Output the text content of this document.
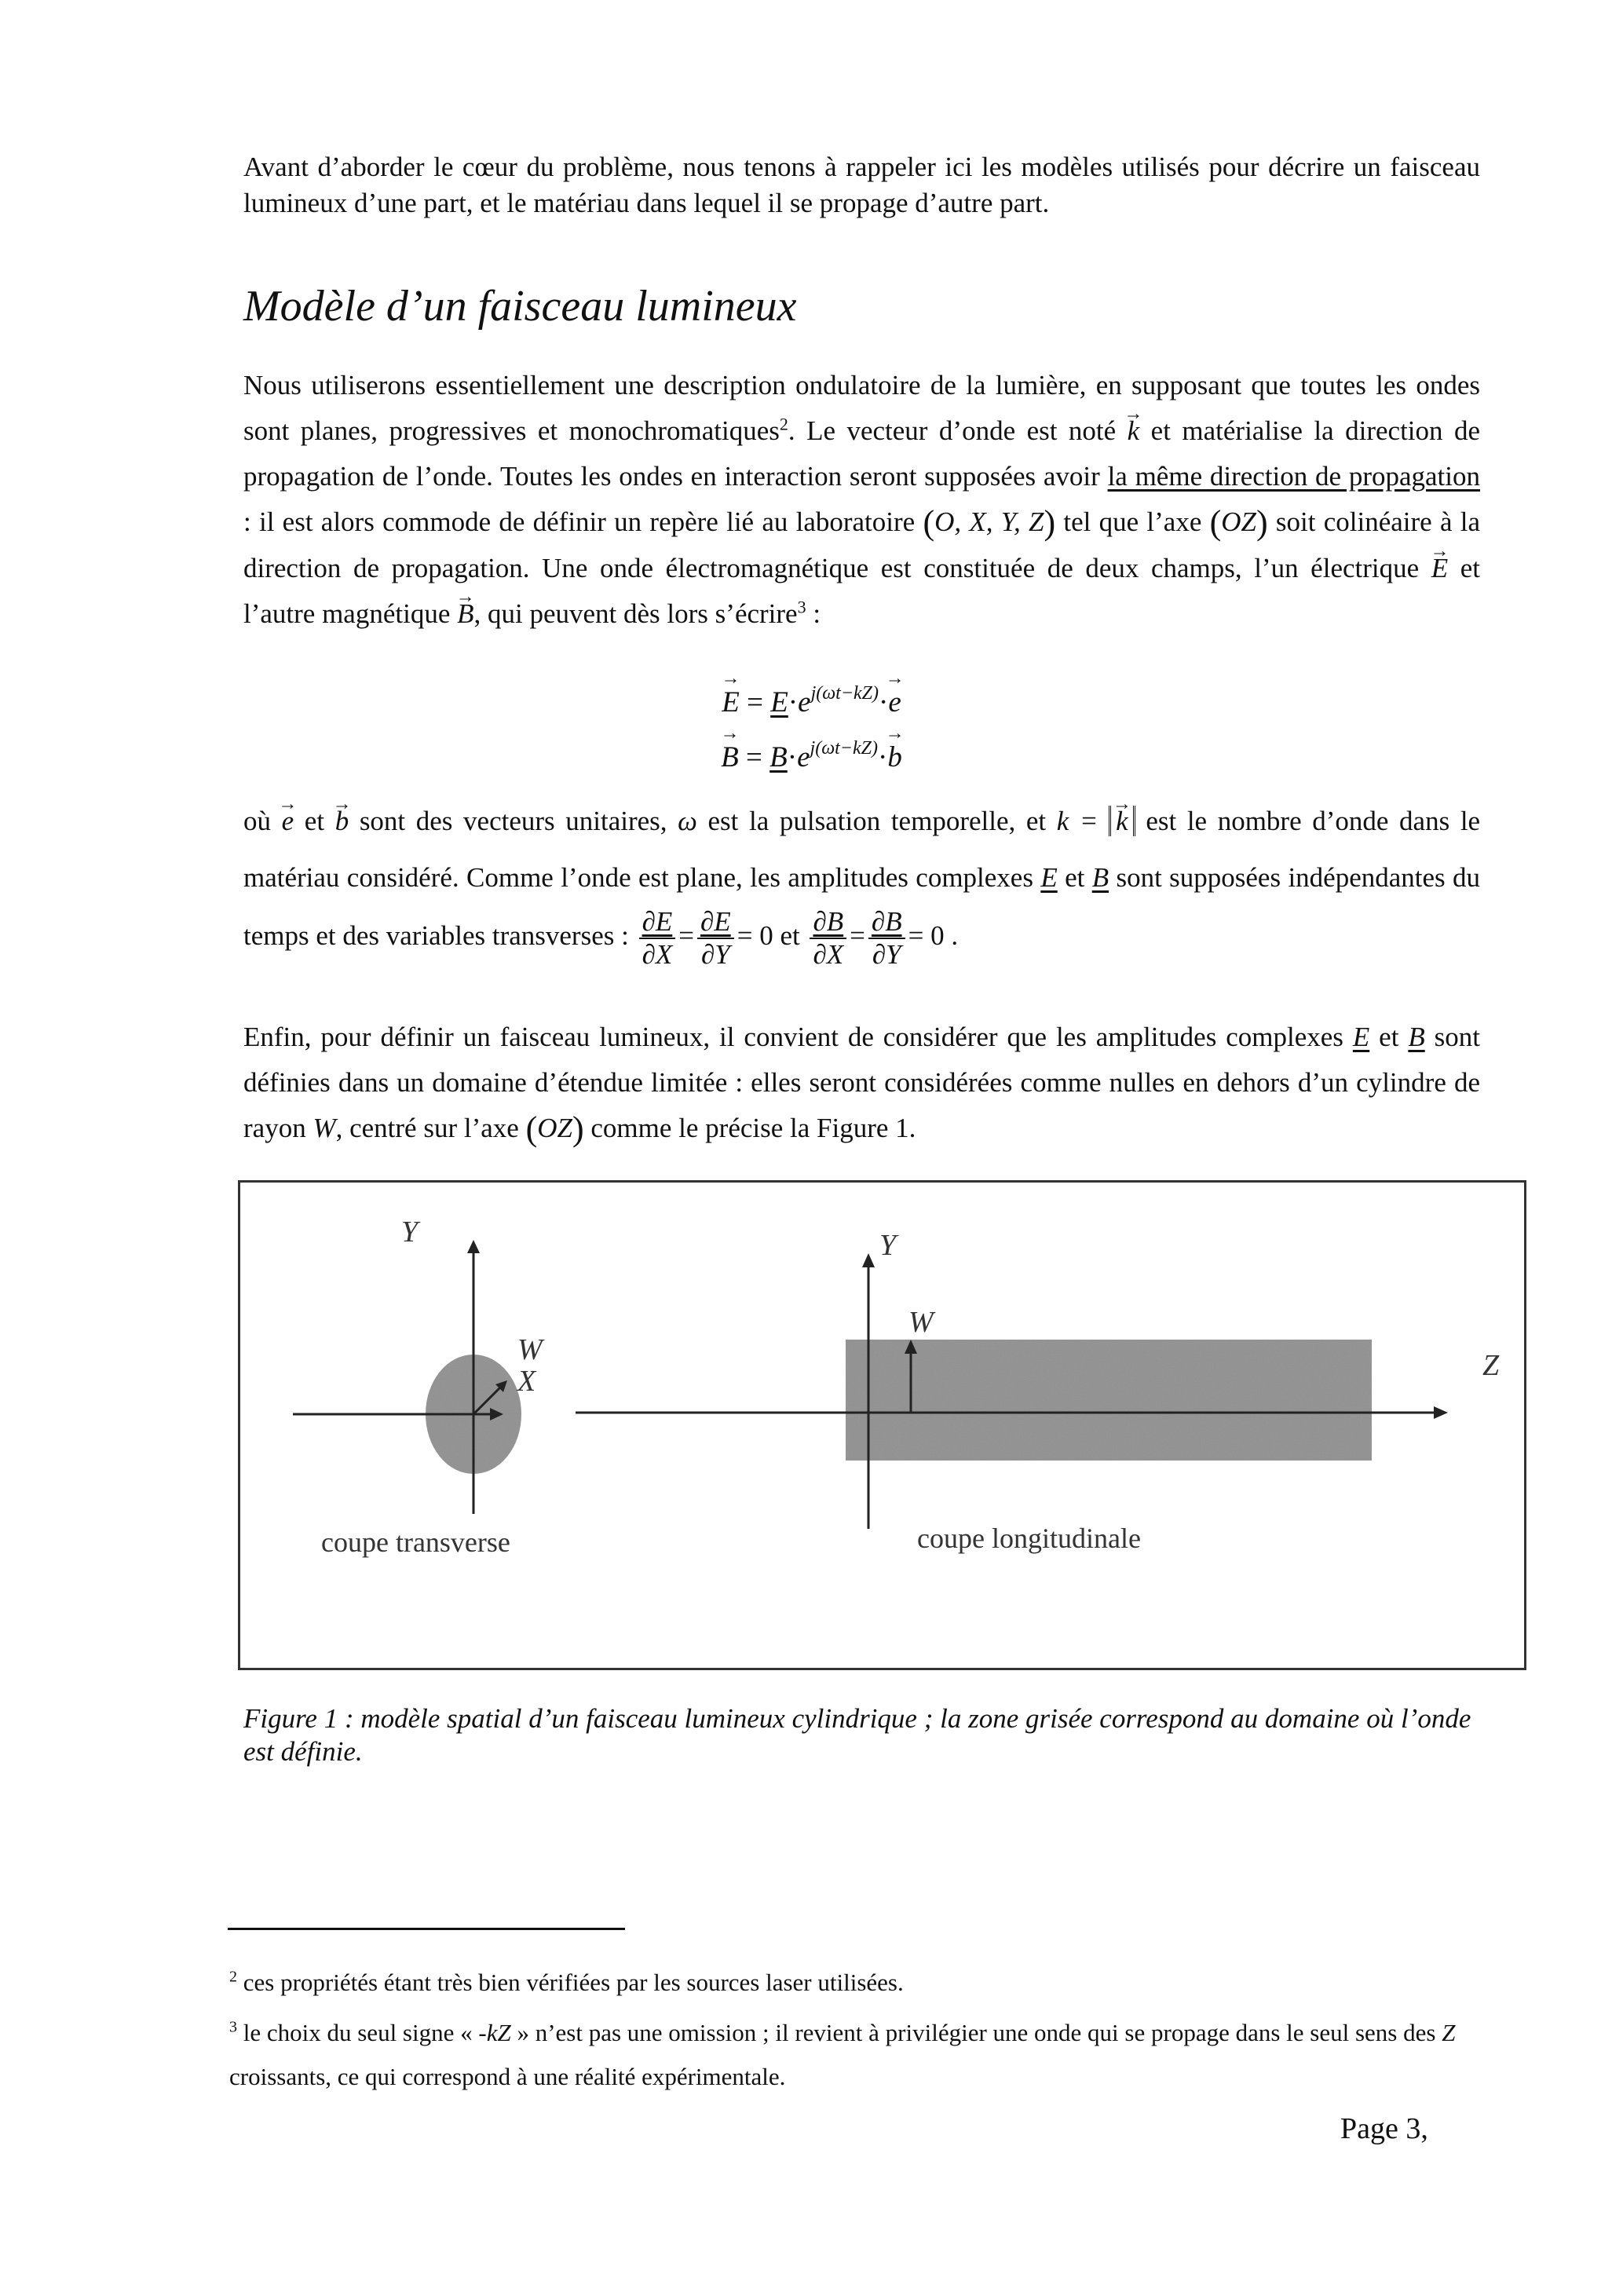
Avant d’aborder le cœur du problème, nous tenons à rappeler ici les modèles utilisés pour décrire un faisceau lumineux d’une part, et le matériau dans lequel il se propage d’autre part.
Modèle d’un faisceau lumineux
Nous utiliserons essentiellement une description ondulatoire de la lumière, en supposant que toutes les ondes sont planes, progressives et monochromatiques$^2$. Le vecteur d’onde est noté → k et matérialise la direction de propagation de l’onde. Toutes les ondes en interaction seront supposées avoir la même direction de propagation : il est alors commode de définir un repère lié au laboratoire (O, X, Y, Z) tel que l’axe (OZ) soit colinéaire à la direction de propagation. Une onde électromagnétique est constituée de deux champs, l’un électrique → E et l’autre magnétique → B, qui peuvent dès lors s’écrire$^3$ :
→ $E = E\cdot e^{j(\omega t-kZ)}\cdot\to e$
→ $B = B\cdot e^{j(\omega t-kZ)}\cdot\to b$
où → e et → b sont des vecteurs unitaires, ω est la pulsation temporelle, et k = → k est le nombre d’onde dans le matériau considéré. Comme l’onde est plane, les amplitudes complexes E et B sont supposées indépendantes du temps et des variables transverses : $\frac{\partial E}{\partial X} = \frac{\partial E}{\partial Y} = 0$ et $\frac{\partial B}{\partial X} = \frac{\partial B}{\partial Y} = 0$ .
Enfin, pour définir un faisceau lumineux, il convient de considérer que les amplitudes complexes E et B sont définies dans un domaine d’étendue limitée : elles seront considérées comme nulles en dehors d’un cylindre de rayon W, centré sur l’axe (OZ) comme le précise la Figure 1.
Y
W
X
coupe transverse
Y
W
Z
coupe longitudinale
Figure 1 : modèle spatial d’un faisceau lumineux cylindrique ; la zone grisée correspond au domaine où l’onde est définie.
$^2$ ces propriétés étant très bien vérifiées par les sources laser utilisées.
$^3$ le choix du seul signe « -kZ » n’est pas une omission ; il revient à privilégier une onde qui se propage dans le seul sens des Z croissants, ce qui correspond à une réalité expérimentale.
Page 3,
